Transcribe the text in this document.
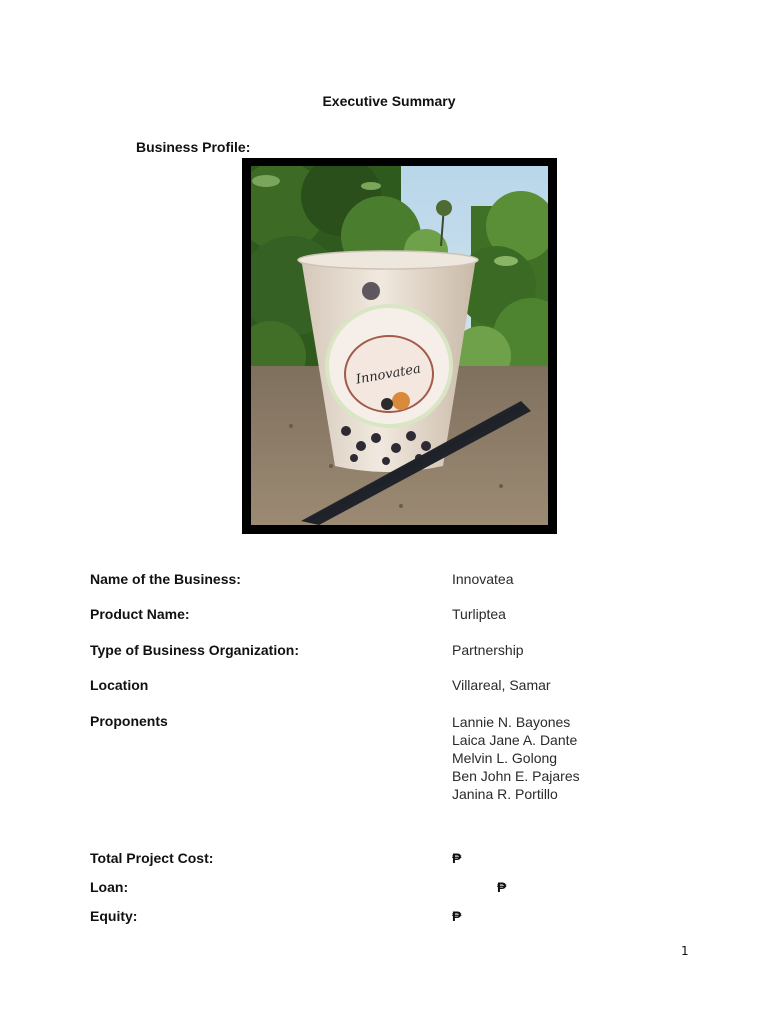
Executive Summary
Business Profile:
Innovatea
Name of the Business:	Innovatea
Product Name:	Turliptea
Type of Business Organization:	Partnership
Location	Villareal, Samar
Proponents	Lannie N. Bayones
Laica Jane A. Dante
Melvin L. Golong
Ben John E. Pajares
Janina R. Portillo
Total Project Cost:	₱
Loan:	₱
Equity:	₱
1
